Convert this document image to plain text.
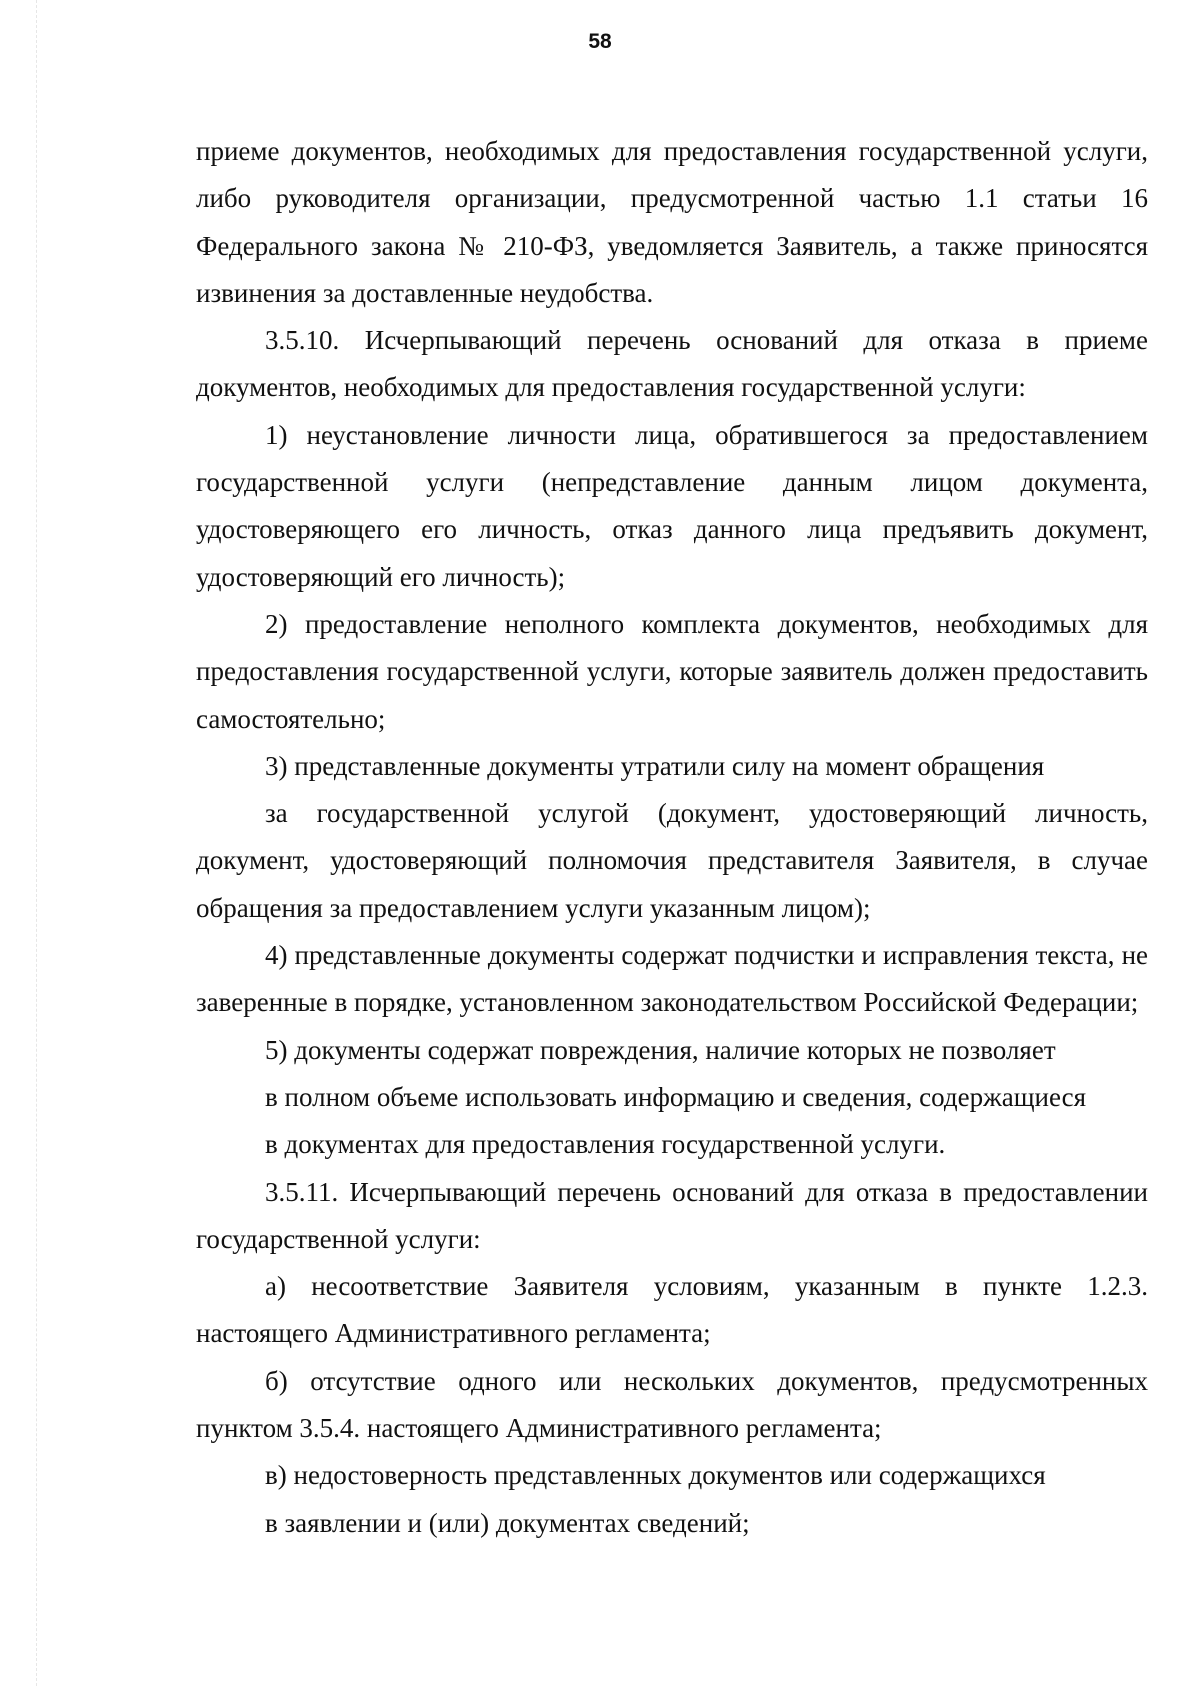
58

приеме документов, необходимых для предоставления государственной услуги, либо руководителя организации, предусмотренной частью 1.1 статьи 16 Федерального закона № 210-ФЗ, уведомляется Заявитель, а также приносятся извинения за доставленные неудобства.

3.5.10. Исчерпывающий перечень оснований для отказа в приеме документов, необходимых для предоставления государственной услуги:

1) неустановление личности лица, обратившегося за предоставлением государственной услуги (непредставление данным лицом документа, удостоверяющего его личность, отказ данного лица предъявить документ, удостоверяющий его личность);

2) предоставление неполного комплекта документов, необходимых для предоставления государственной услуги, которые заявитель должен предоставить самостоятельно;

3) представленные документы утратили силу на момент обращения

за государственной услугой (документ, удостоверяющий личность, документ, удостоверяющий полномочия представителя Заявителя, в случае обращения за предоставлением услуги указанным лицом);

4) представленные документы содержат подчистки и исправления текста, не заверенные в порядке, установленном законодательством Российской Федерации;

5) документы содержат повреждения, наличие которых не позволяет

в полном объеме использовать информацию и сведения, содержащиеся

в документах для предоставления государственной услуги.

3.5.11. Исчерпывающий перечень оснований для отказа в предоставлении государственной услуги:

а) несоответствие Заявителя условиям, указанным в пункте 1.2.3. настоящего Административного регламента;

б) отсутствие одного или нескольких документов, предусмотренных пунктом 3.5.4. настоящего Административного регламента;

в) недостоверность представленных документов или содержащихся

в заявлении и (или) документах сведений;
